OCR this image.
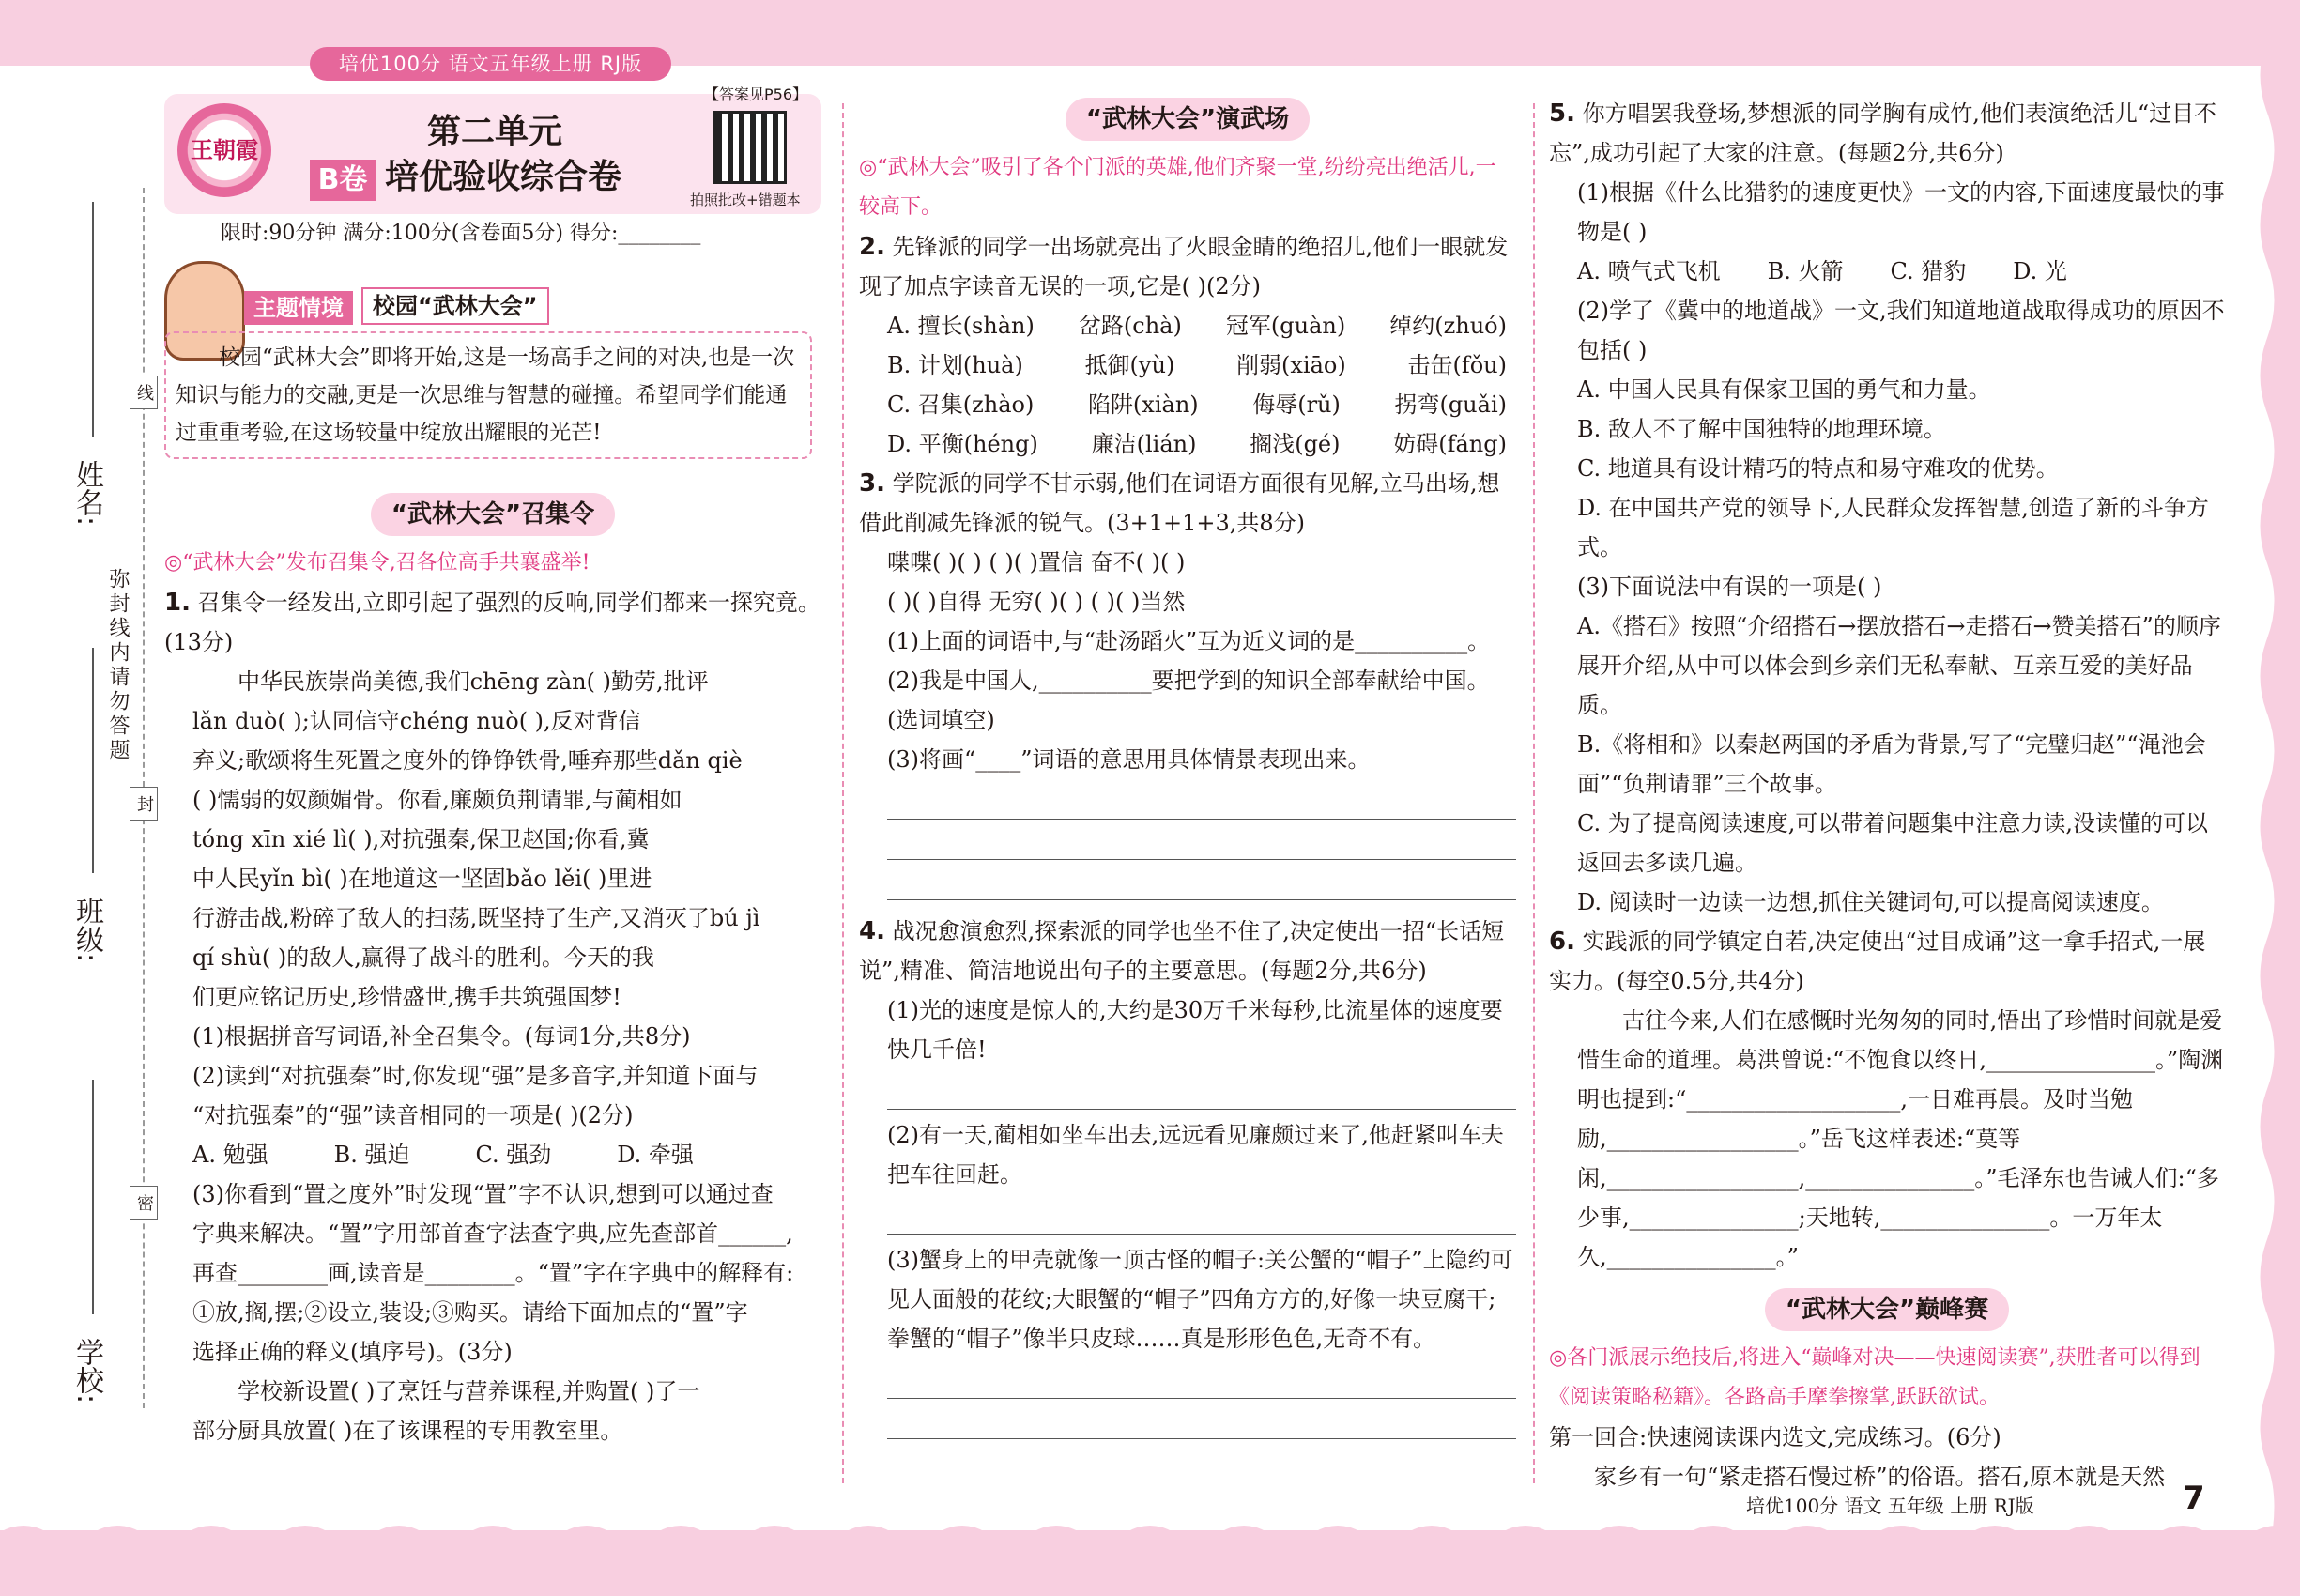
培优100分 语文五年级上册 RJ版
姓名:
班级:
学校:
弥封线内请勿答题
线
封
密
【答案见P56】
王朝霞	第二单元
B卷 培优验收综合卷
拍照批改+错题本

限时:90分钟 满分:100分(含卷面5分) 得分:________

主题情境	校园“武林大会”
校园“武林大会”即将开始,这是一场高手之间的对决,也是一次知识与能力的交融,更是一次思维与智慧的碰撞。希望同学们能通过重重考验,在这场较量中绽放出耀眼的光芒!
“武林大会”召集令

◎“武林大会”发布召集令,召各位高手共襄盛举!

1. 召集令一经发出,立即引起了强烈的反响,同学们都来一探究竟。(13分)

中华民族崇尚美德,我们chēng zàn( )勤劳,批评

lǎn duò( );认同信守chéng nuò( ),反对背信

弃义;歌颂将生死置之度外的铮铮铁骨,唾弃那些dǎn qiè

( )懦弱的奴颜媚骨。你看,廉颇负荆请罪,与蔺相如

tóng xīn xié lì( ),对抗强秦,保卫赵国;你看,冀

中人民yǐn bì( )在地道这一坚固bǎo lěi( )里进

行游击战,粉碎了敌人的扫荡,既坚持了生产,又消灭了bú jì

qí shù( )的敌人,赢得了战斗的胜利。今天的我

们更应铭记历史,珍惜盛世,携手共筑强国梦!

(1)根据拼音写词语,补全召集令。(每词1分,共8分)

(2)读到“对抗强秦”时,你发现“强”是多音字,并知道下面与

“对抗强秦”的“强”读音相同的一项是( )(2分)

A. 勉强	B. 强迫	C. 强劲	D. 牵强

(3)你看到“置之度外”时发现“置”字不认识,想到可以通过查

字典来解决。“置”字用部首查字法查字典,应先查部首______,

再查________画,读音是________。“置”字在字典中的解释有:

①放,搁,摆;②设立,装设;③购买。请给下面加点的“置”字

选择正确的释义(填序号)。(3分)

学校新设置( )了烹饪与营养课程,并购置( )了一

部分厨具放置( )在了该课程的专用教室里。

“武林大会”演武场

◎“武林大会”吸引了各个门派的英雄,他们齐聚一堂,纷纷亮出绝活儿,一较高下。

2. 先锋派的同学一出场就亮出了火眼金睛的绝招儿,他们一眼就发现了加点字读音无误的一项,它是( )(2分)

A. 擅长(shàn) 岔路(chà) 冠军(guàn) 绰约(zhuó)
B. 计划(huà)	抵御(yù)	削弱(xiāo)	击缶(fǒu)
C. 召集(zhào) 陷阱(xiàn) 侮辱(rǔ) 拐弯(guǎi)
D. 平衡(héng) 廉洁(lián) 搁浅(gé) 妨碍(fáng)

3. 学院派的同学不甘示弱,他们在词语方面很有见解,立马出场,想借此削减先锋派的锐气。(3+1+1+3,共8分)

喋喋( )( ) ( )( )置信 奋不( )( )

( )( )自得 无穷( )( ) ( )( )当然

(1)上面的词语中,与“赴汤蹈火”互为近义词的是__________。

(2)我是中国人,__________要把学到的知识全部奉献给中国。(选词填空)

(3)将画“____”词语的意思用具体情景表现出来。

4. 战况愈演愈烈,探索派的同学也坐不住了,决定使出一招“长话短说”,精准、简洁地说出句子的主要意思。(每题2分,共6分)

(1)光的速度是惊人的,大约是30万千米每秒,比流星体的速度要快几千倍!

(2)有一天,蔺相如坐车出去,远远看见廉颇过来了,他赶紧叫车夫把车往回赶。

(3)蟹身上的甲壳就像一顶古怪的帽子:关公蟹的“帽子”上隐约可见人面般的花纹;大眼蟹的“帽子”四角方方的,好像一块豆腐干;拳蟹的“帽子”像半只皮球……真是形形色色,无奇不有。

5. 你方唱罢我登场,梦想派的同学胸有成竹,他们表演绝活儿“过目不忘”,成功引起了大家的注意。(每题2分,共6分)

(1)根据《什么比猎豹的速度更快》一文的内容,下面速度最快的事物是( )

A. 喷气式飞机 B. 火箭 C. 猎豹 D. 光

(2)学了《冀中的地道战》一文,我们知道地道战取得成功的原因不包括( )

A. 中国人民具有保家卫国的勇气和力量。

B. 敌人不了解中国独特的地理环境。

C. 地道具有设计精巧的特点和易守难攻的优势。

D. 在中国共产党的领导下,人民群众发挥智慧,创造了新的斗争方式。

(3)下面说法中有误的一项是( )

A.《搭石》按照“介绍搭石→摆放搭石→走搭石→赞美搭石”的顺序展开介绍,从中可以体会到乡亲们无私奉献、互亲互爱的美好品质。

B.《将相和》以秦赵两国的矛盾为背景,写了“完璧归赵”“渑池会面”“负荆请罪”三个故事。

C. 为了提高阅读速度,可以带着问题集中注意力读,没读懂的可以返回去多读几遍。

D. 阅读时一边读一边想,抓住关键词句,可以提高阅读速度。

6. 实践派的同学镇定自若,决定使出“过目成诵”这一拿手招式,一展实力。(每空0.5分,共4分)

古往今来,人们在感慨时光匆匆的同时,悟出了珍惜时间就是爱惜生命的道理。葛洪曾说:“不饱食以终日,_______________。”陶渊明也提到:“___________________,一日难再晨。及时当勉励,_________________。”岳飞这样表述:“莫等闲,_________________,_______________。”毛泽东也告诫人们:“多少事,_______________;天地转,_______________。一万年太久,_______________。”

“武林大会”巅峰赛

◎各门派展示绝技后,将进入“巅峰对决——快速阅读赛”,获胜者可以得到《阅读策略秘籍》。各路高手摩拳擦掌,跃跃欲试。

第一回合:快速阅读课内选文,完成练习。(6分)

家乡有一句“紧走搭石慢过桥”的俗语。搭石,原本就是天然

培优100分 语文 五年级 上册 RJ版	7
